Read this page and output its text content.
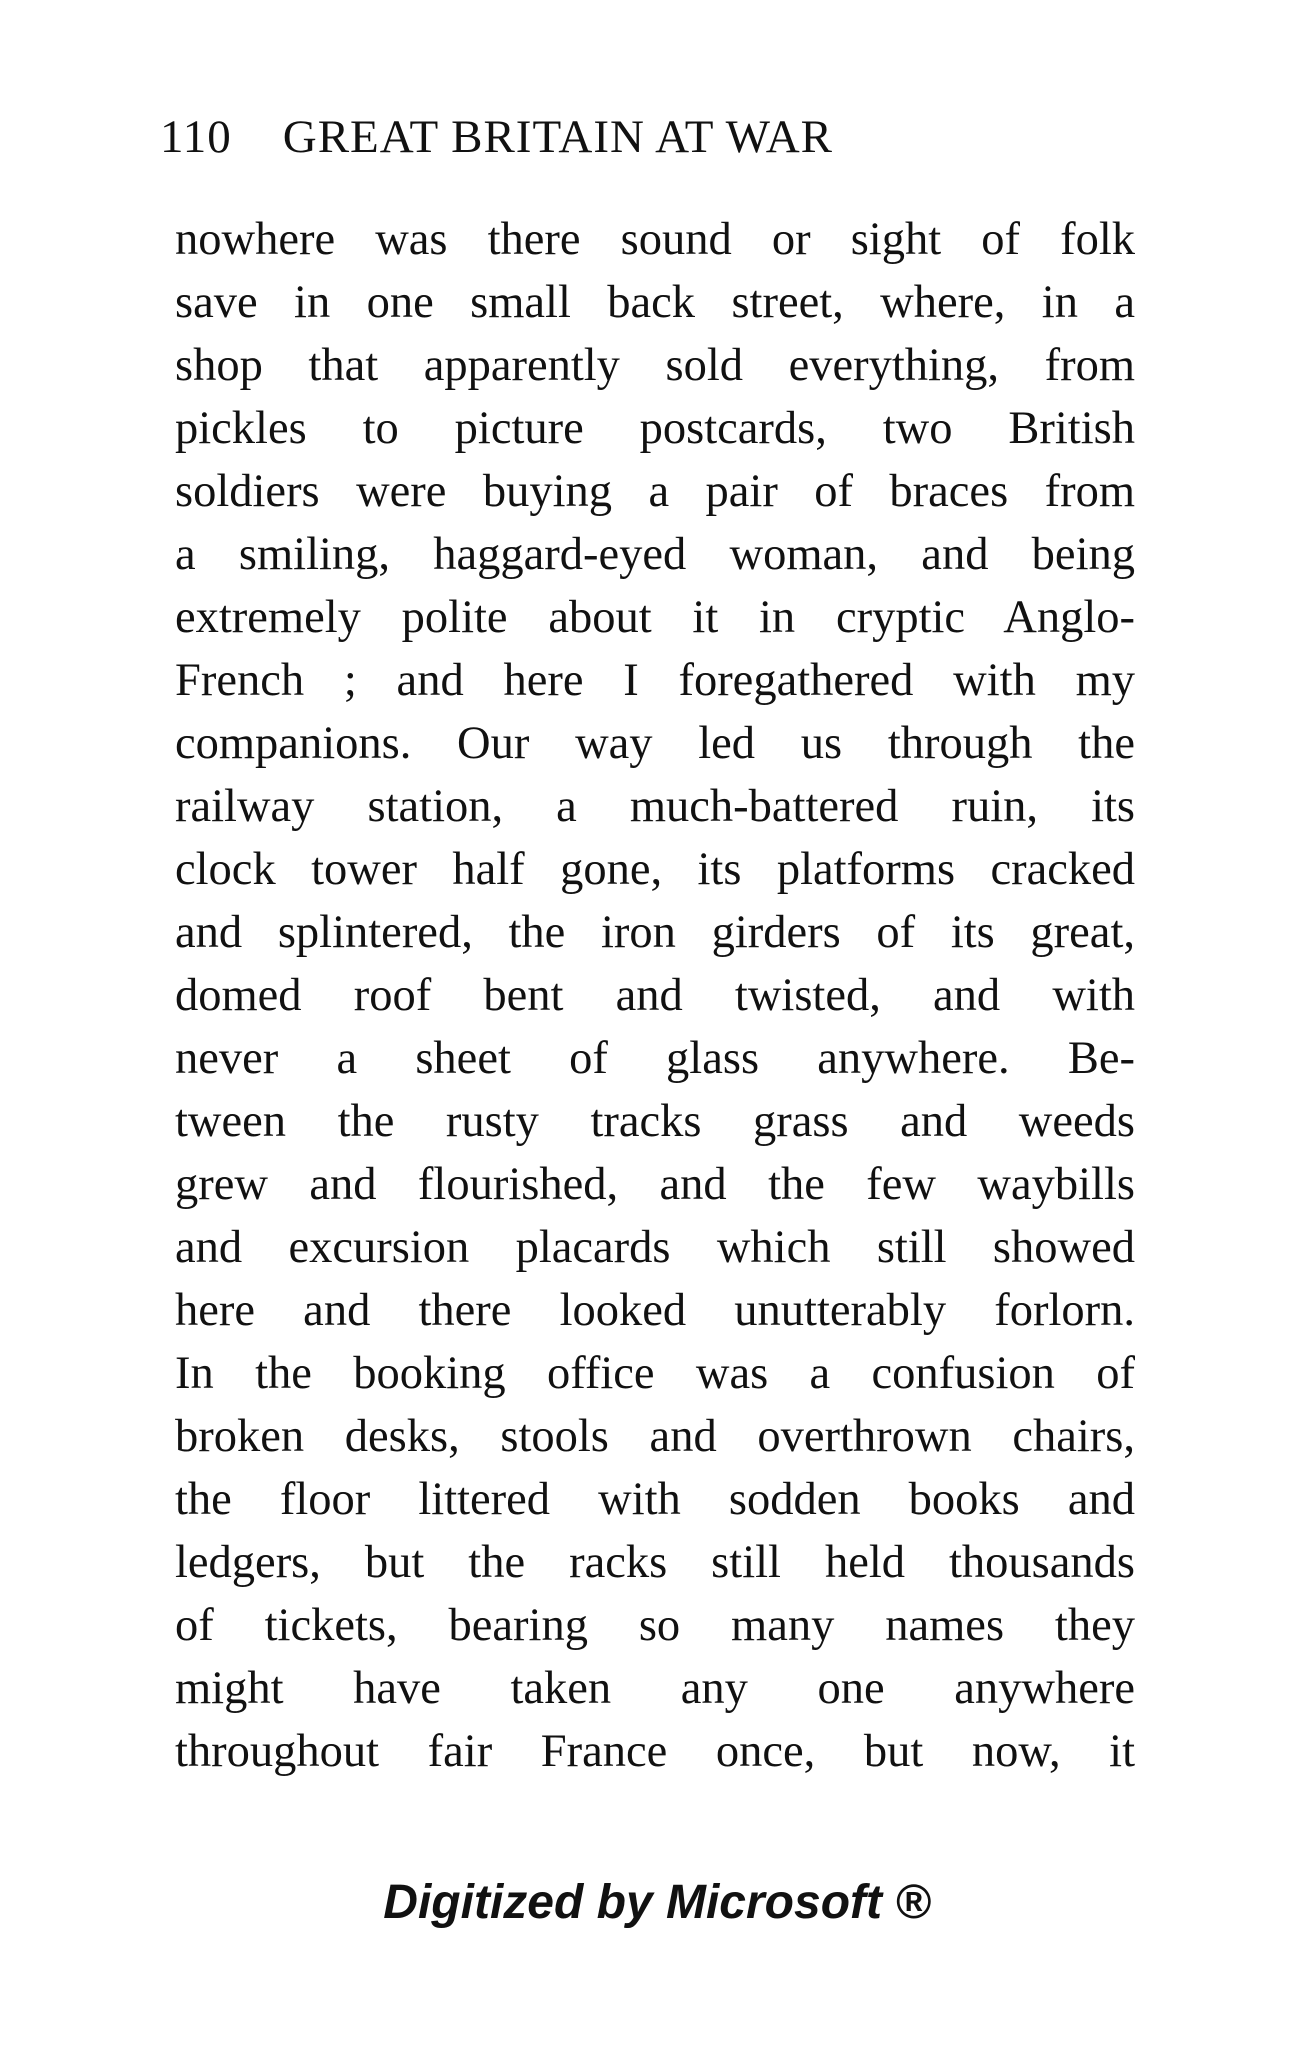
110 GREAT BRITAIN AT WAR
nowhere was there sound or sight of folk
save in one small back street, where, in a
shop that apparently sold everything, from
pickles to picture postcards, two British
soldiers were buying a pair of braces from
a smiling, haggard-eyed woman, and being
extremely polite about it in cryptic Anglo-
French ; and here I foregathered with my
companions. Our way led us through the
railway station, a much-battered ruin, its
clock tower half gone, its platforms cracked
and splintered, the iron girders of its great,
domed roof bent and twisted, and with
never a sheet of glass anywhere. Be-
tween the rusty tracks grass and weeds
grew and flourished, and the few waybills
and excursion placards which still showed
here and there looked unutterably forlorn.
In the booking office was a confusion of
broken desks, stools and overthrown chairs,
the floor littered with sodden books and
ledgers, but the racks still held thousands
of tickets, bearing so many names they
might have taken any one anywhere
throughout fair France once, but now, it
Digitized by Microsoft ®
